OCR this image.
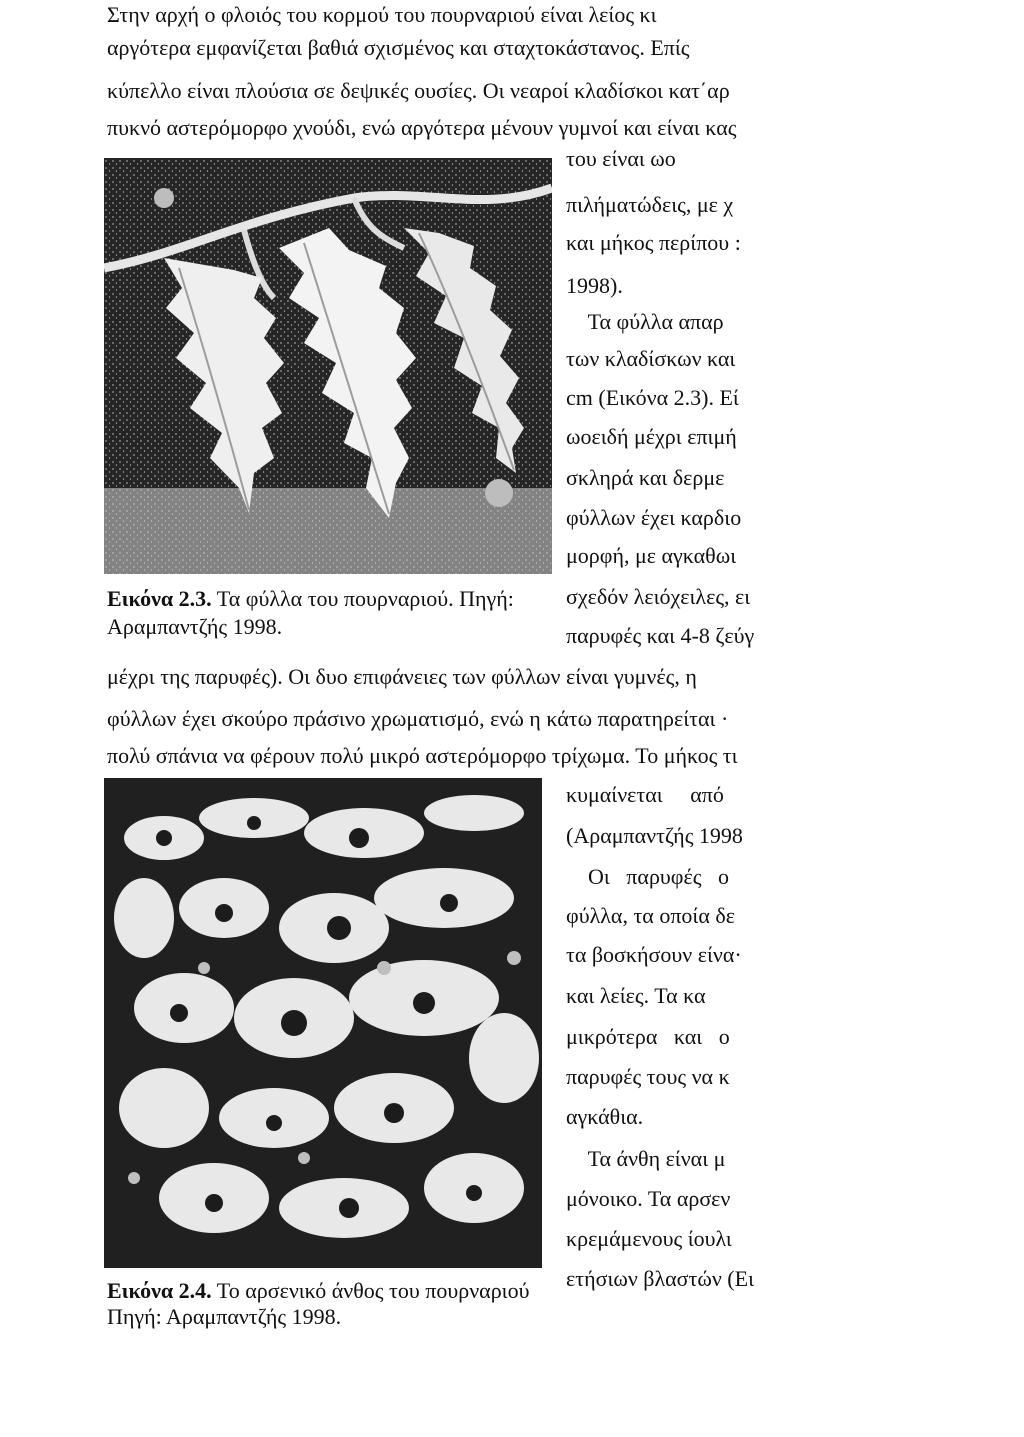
Στην αρχή ο φλοιός του κορμού του πουρναριού είναι λείος κι
αργότερα εμφανίζεται βαθιά σχισμένος και σταχτοκάστανος. Επίς
κύπελλο είναι πλούσια σε δεψικές ουσίες. Οι νεαροί κλαδίσκοι κατ΄αρ
πυκνό αστερόμορφο χνούδι, ενώ αργότερα μένουν γυμνοί και είναι κας
του είναι ωο
πιλήματώδεις, με χ
και μήκος περίπου :
1998).
Τα φύλλα απαρ
των κλαδίσκων και
cm (Εικόνα 2.3). Εί
ωοειδή μέχρι επιμή
σκληρά και δερμε
φύλλων έχει καρδιο
μορφή, με αγκαθωι
σχεδόν λειόχειλες, ει
παρυφές και 4-8 ζεύγ
Εικόνα 2.3. Τα φύλλα του πουρναριού. Πηγή:
Αραμπαντζής 1998.
μέχρι της παρυφές). Οι δυο επιφάνειες των φύλλων είναι γυμνές, η
φύλλων έχει σκούρο πράσινο χρωματισμό, ενώ η κάτω παρατηρείται ·
πολύ σπάνια να φέρουν πολύ μικρό αστερόμορφο τρίχωμα. Το μήκος τι
κυμαίνεται     από
(Αραμπαντζής 1998
Οι   παρυφές   ο
φύλλα, τα οποία δε
τα βοσκήσουν είνα·
και λείες. Τα κα
μικρότερα   και   ο
παρυφές τους να κ
αγκάθια.
Τα άνθη είναι μ
μόνοικο. Τα αρσεν
κρεμάμενους ίουλι
ετήσιων βλαστών (Ει
Εικόνα 2.4. Το αρσενικό άνθος του πουρναριού
Πηγή: Αραμπαντζής 1998.
